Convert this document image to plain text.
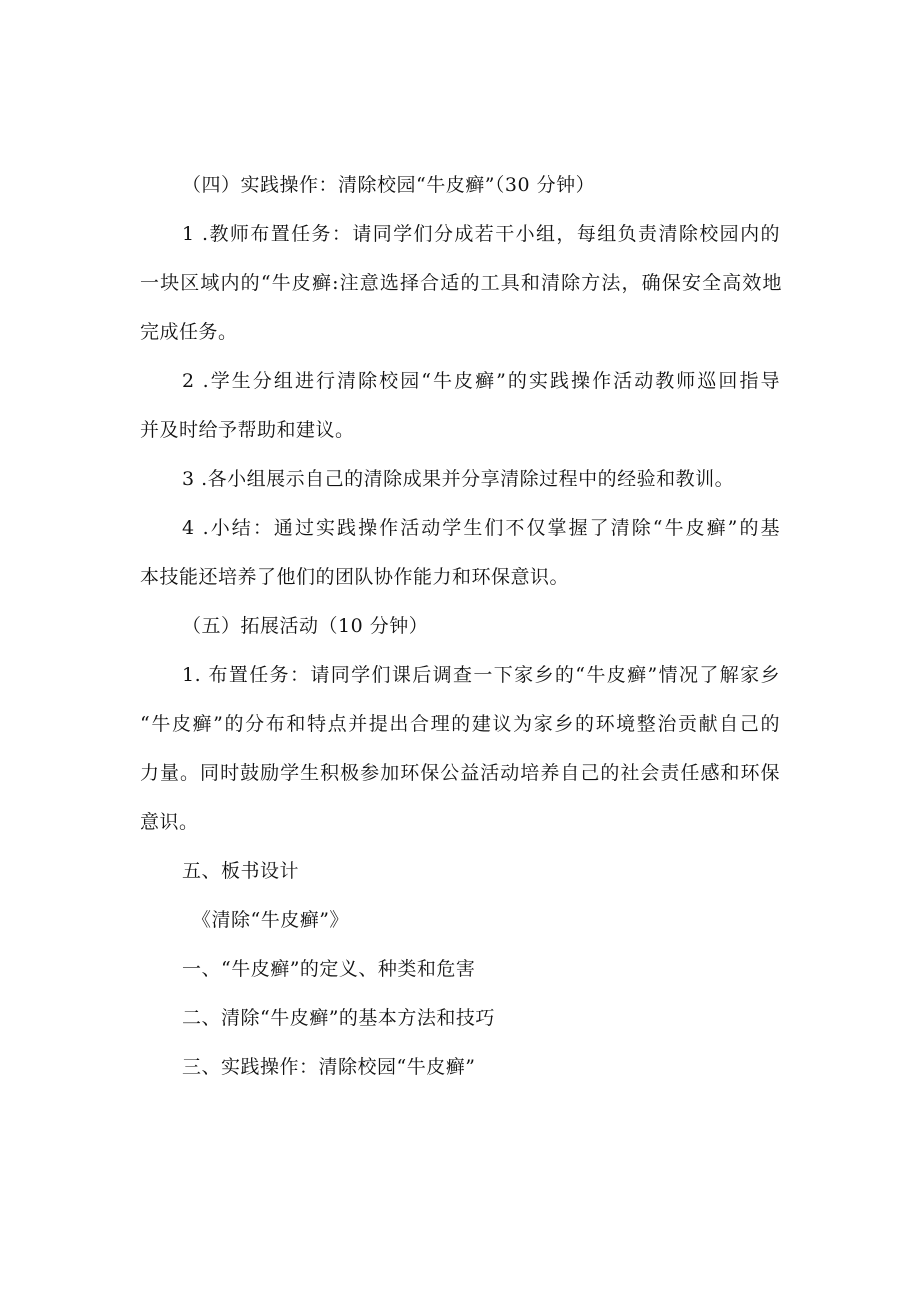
（四）实践操作：清除校园“牛皮癣”（30 分钟）
1 .教师布置任务：请同学们分成若干小组，每组负责清除校园内的
一块区域内的“牛皮癣:注意选择合适的工具和清除方法，确保安全高效地
完成任务。
2 .学生分组进行清除校园“牛皮癣”的实践操作活动教师巡回指导
并及时给予帮助和建议。
3 .各小组展示自己的清除成果并分享清除过程中的经验和教训。
4 .小结：通过实践操作活动学生们不仅掌握了清除“牛皮癣”的基
本技能还培养了他们的团队协作能力和环保意识。
（五）拓展活动（10 分钟）
1. 布置任务：请同学们课后调查一下家乡的“牛皮癣”情况了解家乡
“牛皮癣”的分布和特点并提出合理的建议为家乡的环境整治贡献自己的
力量。同时鼓励学生积极参加环保公益活动培养自己的社会责任感和环保
意识。
五、板书设计
《清除“牛皮癣”》
一、“牛皮癣”的定义、种类和危害
二、清除“牛皮癣”的基本方法和技巧
三、实践操作：清除校园“牛皮癣”
